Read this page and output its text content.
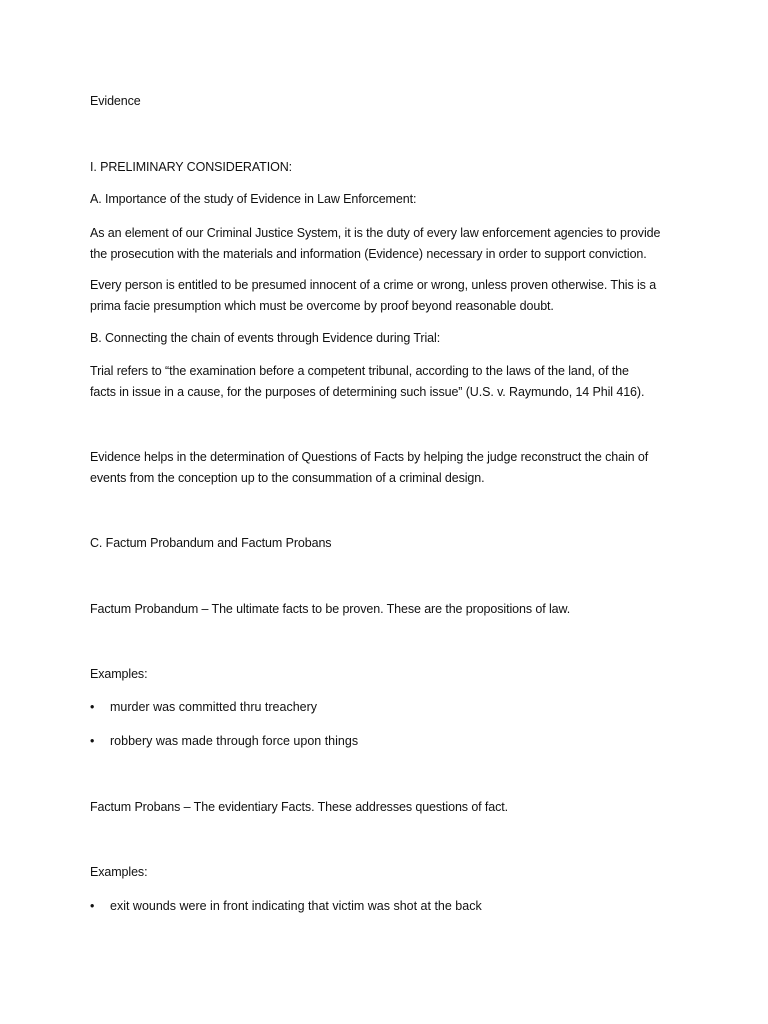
Evidence

I. PRELIMINARY CONSIDERATION:

A. Importance of the study of Evidence in Law Enforcement:

As an element of our Criminal Justice System, it is the duty of every law enforcement agencies to provide

the prosecution with the materials and information (Evidence) necessary in order to support conviction.

Every person is entitled to be presumed innocent of a crime or wrong, unless proven otherwise. This is a

prima facie presumption which must be overcome by proof beyond reasonable doubt.

B. Connecting the chain of events through Evidence during Trial:

Trial refers to “the examination before a competent tribunal, according to the laws of the land, of the

facts in issue in a cause, for the purposes of determining such issue” (U.S. v. Raymundo, 14 Phil 416).

Evidence helps in the determination of Questions of Facts by helping the judge reconstruct the chain of

events from the conception up to the consummation of a criminal design.

C. Factum Probandum and Factum Probans

Factum Probandum – The ultimate facts to be proven. These are the propositions of law.

Examples:

•	murder was committed thru treachery
•	robbery was made through force upon things

Factum Probans – The evidentiary Facts. These addresses questions of fact.

Examples:

•	exit wounds were in front indicating that victim was shot at the back
